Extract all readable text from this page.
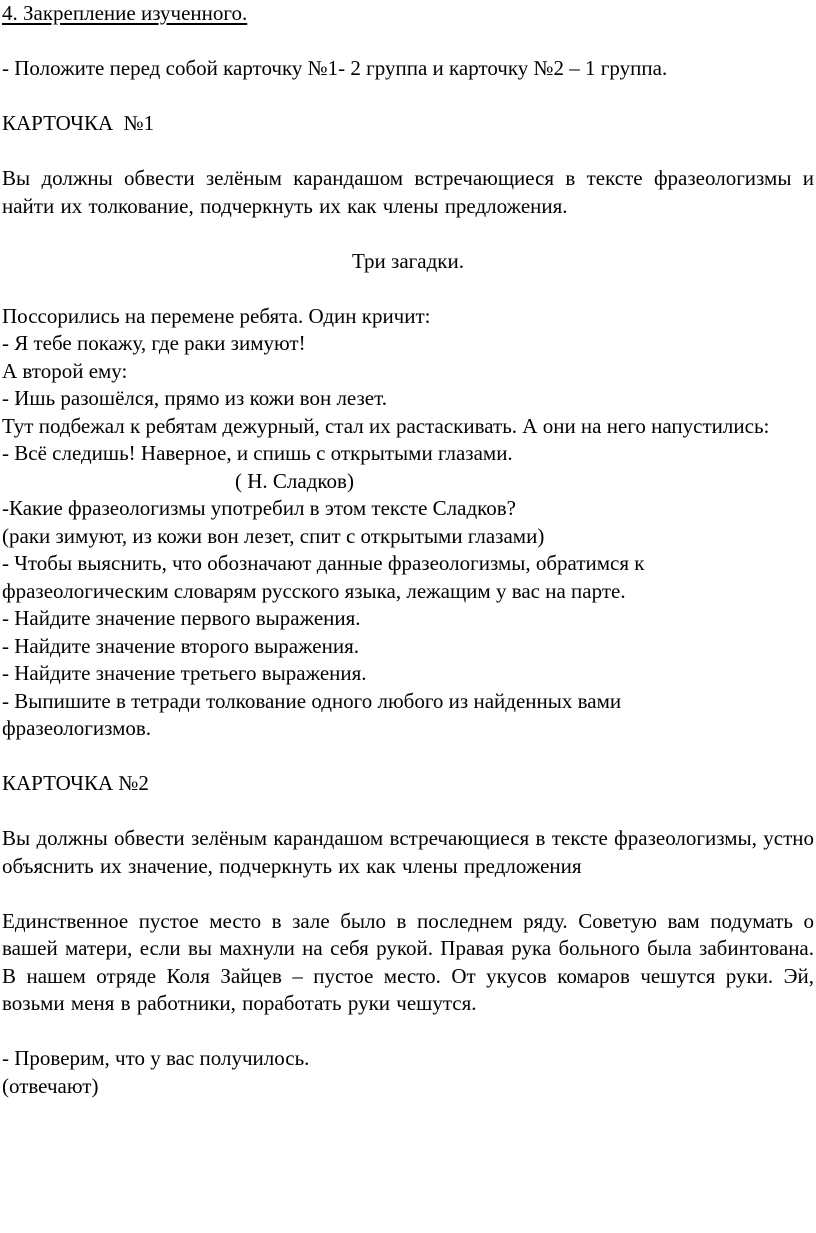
4. Закрепление изученного.

- Положите перед собой карточку №1- 2 группа и карточку №2 – 1 группа.

КАРТОЧКА  №1

Вы должны обвести зелёным карандашом встречающиеся в тексте фразеологизмы и найти их толкование, подчеркнуть их как члены предложения.

Три загадки.

Поссорились на перемене ребята. Один кричит:

- Я тебе покажу, где раки зимуют!

А второй ему:

- Ишь разошёлся, прямо из кожи вон лезет.

Тут подбежал к ребятам дежурный, стал их растаскивать. А они на него напустились:

- Всё следишь! Наверное, и спишь с открытыми глазами.

( Н. Сладков)

-Какие фразеологизмы употребил в этом тексте Сладков?

(раки зимуют, из кожи вон лезет, спит с открытыми глазами)

- Чтобы выяснить, что обозначают данные фразеологизмы, обратимся к фразеологическим словарям русского языка, лежащим у вас на парте.

- Найдите значение первого выражения.

- Найдите значение второго выражения.

- Найдите значение третьего выражения.

- Выпишите в тетради толкование одного любого из найденных вами фразеологизмов.

КАРТОЧКА №2

Вы должны обвести зелёным карандашом встречающиеся в тексте фразеологизмы, устно объяснить их значение, подчеркнуть их как члены предложения

Единственное пустое место в зале было в последнем ряду. Советую вам подумать о вашей матери, если вы махнули на себя рукой. Правая рука больного была забинтована. В нашем отряде Коля Зайцев – пустое место. От укусов комаров чешутся руки. Эй, возьми меня в работники, поработать руки чешутся.

- Проверим, что у вас получилось.

(отвечают)
